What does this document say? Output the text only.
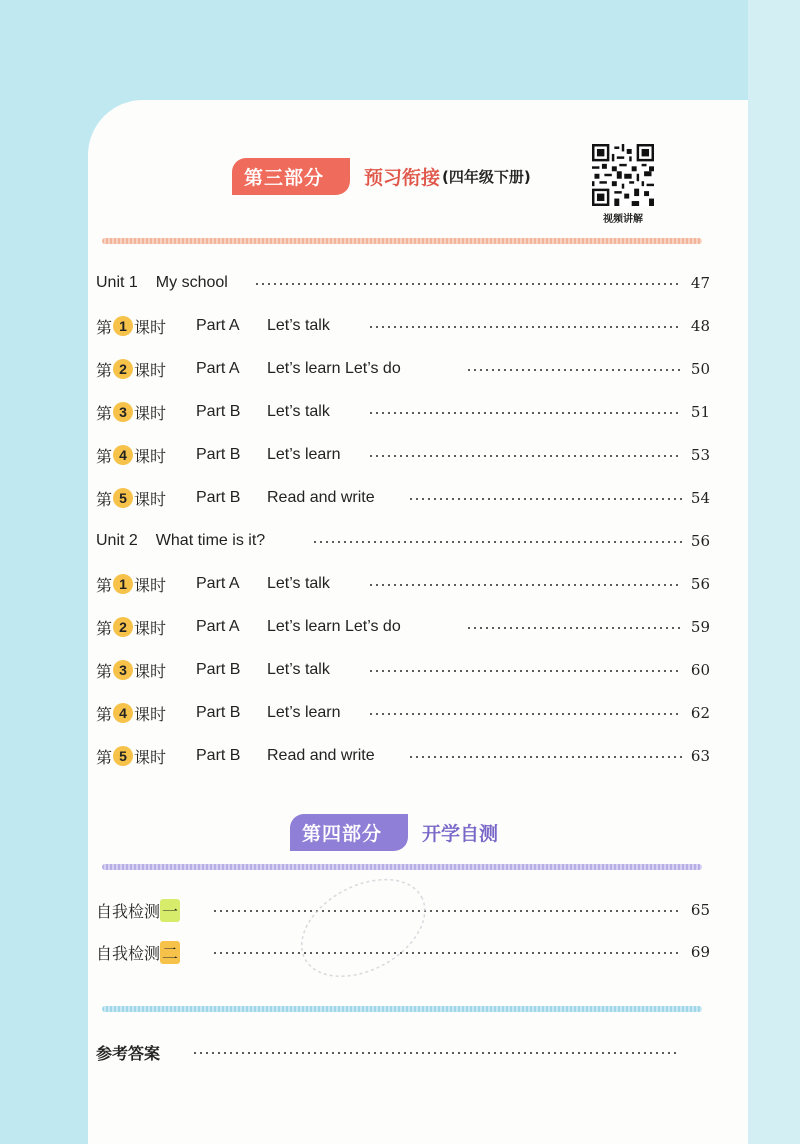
第三部分	预习衔接 (四年级下册)
视频讲解
Unit 1 My school	47
第 1 课时 Part A Let’s talk	48
第 2 课时 Part A Let’s learn Let’s do	50
第 3 课时 Part B Let’s talk	51
第 4 课时 Part B Let’s learn	53
第 5 课时 Part B Read and write	54
Unit 2 What time is it?	56
第 1 课时 Part A Let’s talk	56
第 2 课时 Part A Let’s learn Let’s do	59
第 3 课时 Part B Let’s talk	60
第 4 课时 Part B Let’s learn	62
第 5 课时 Part B Read and write	63
第四部分	开学自测
自我检测 一	65
自我检测 二	69
参考答案
